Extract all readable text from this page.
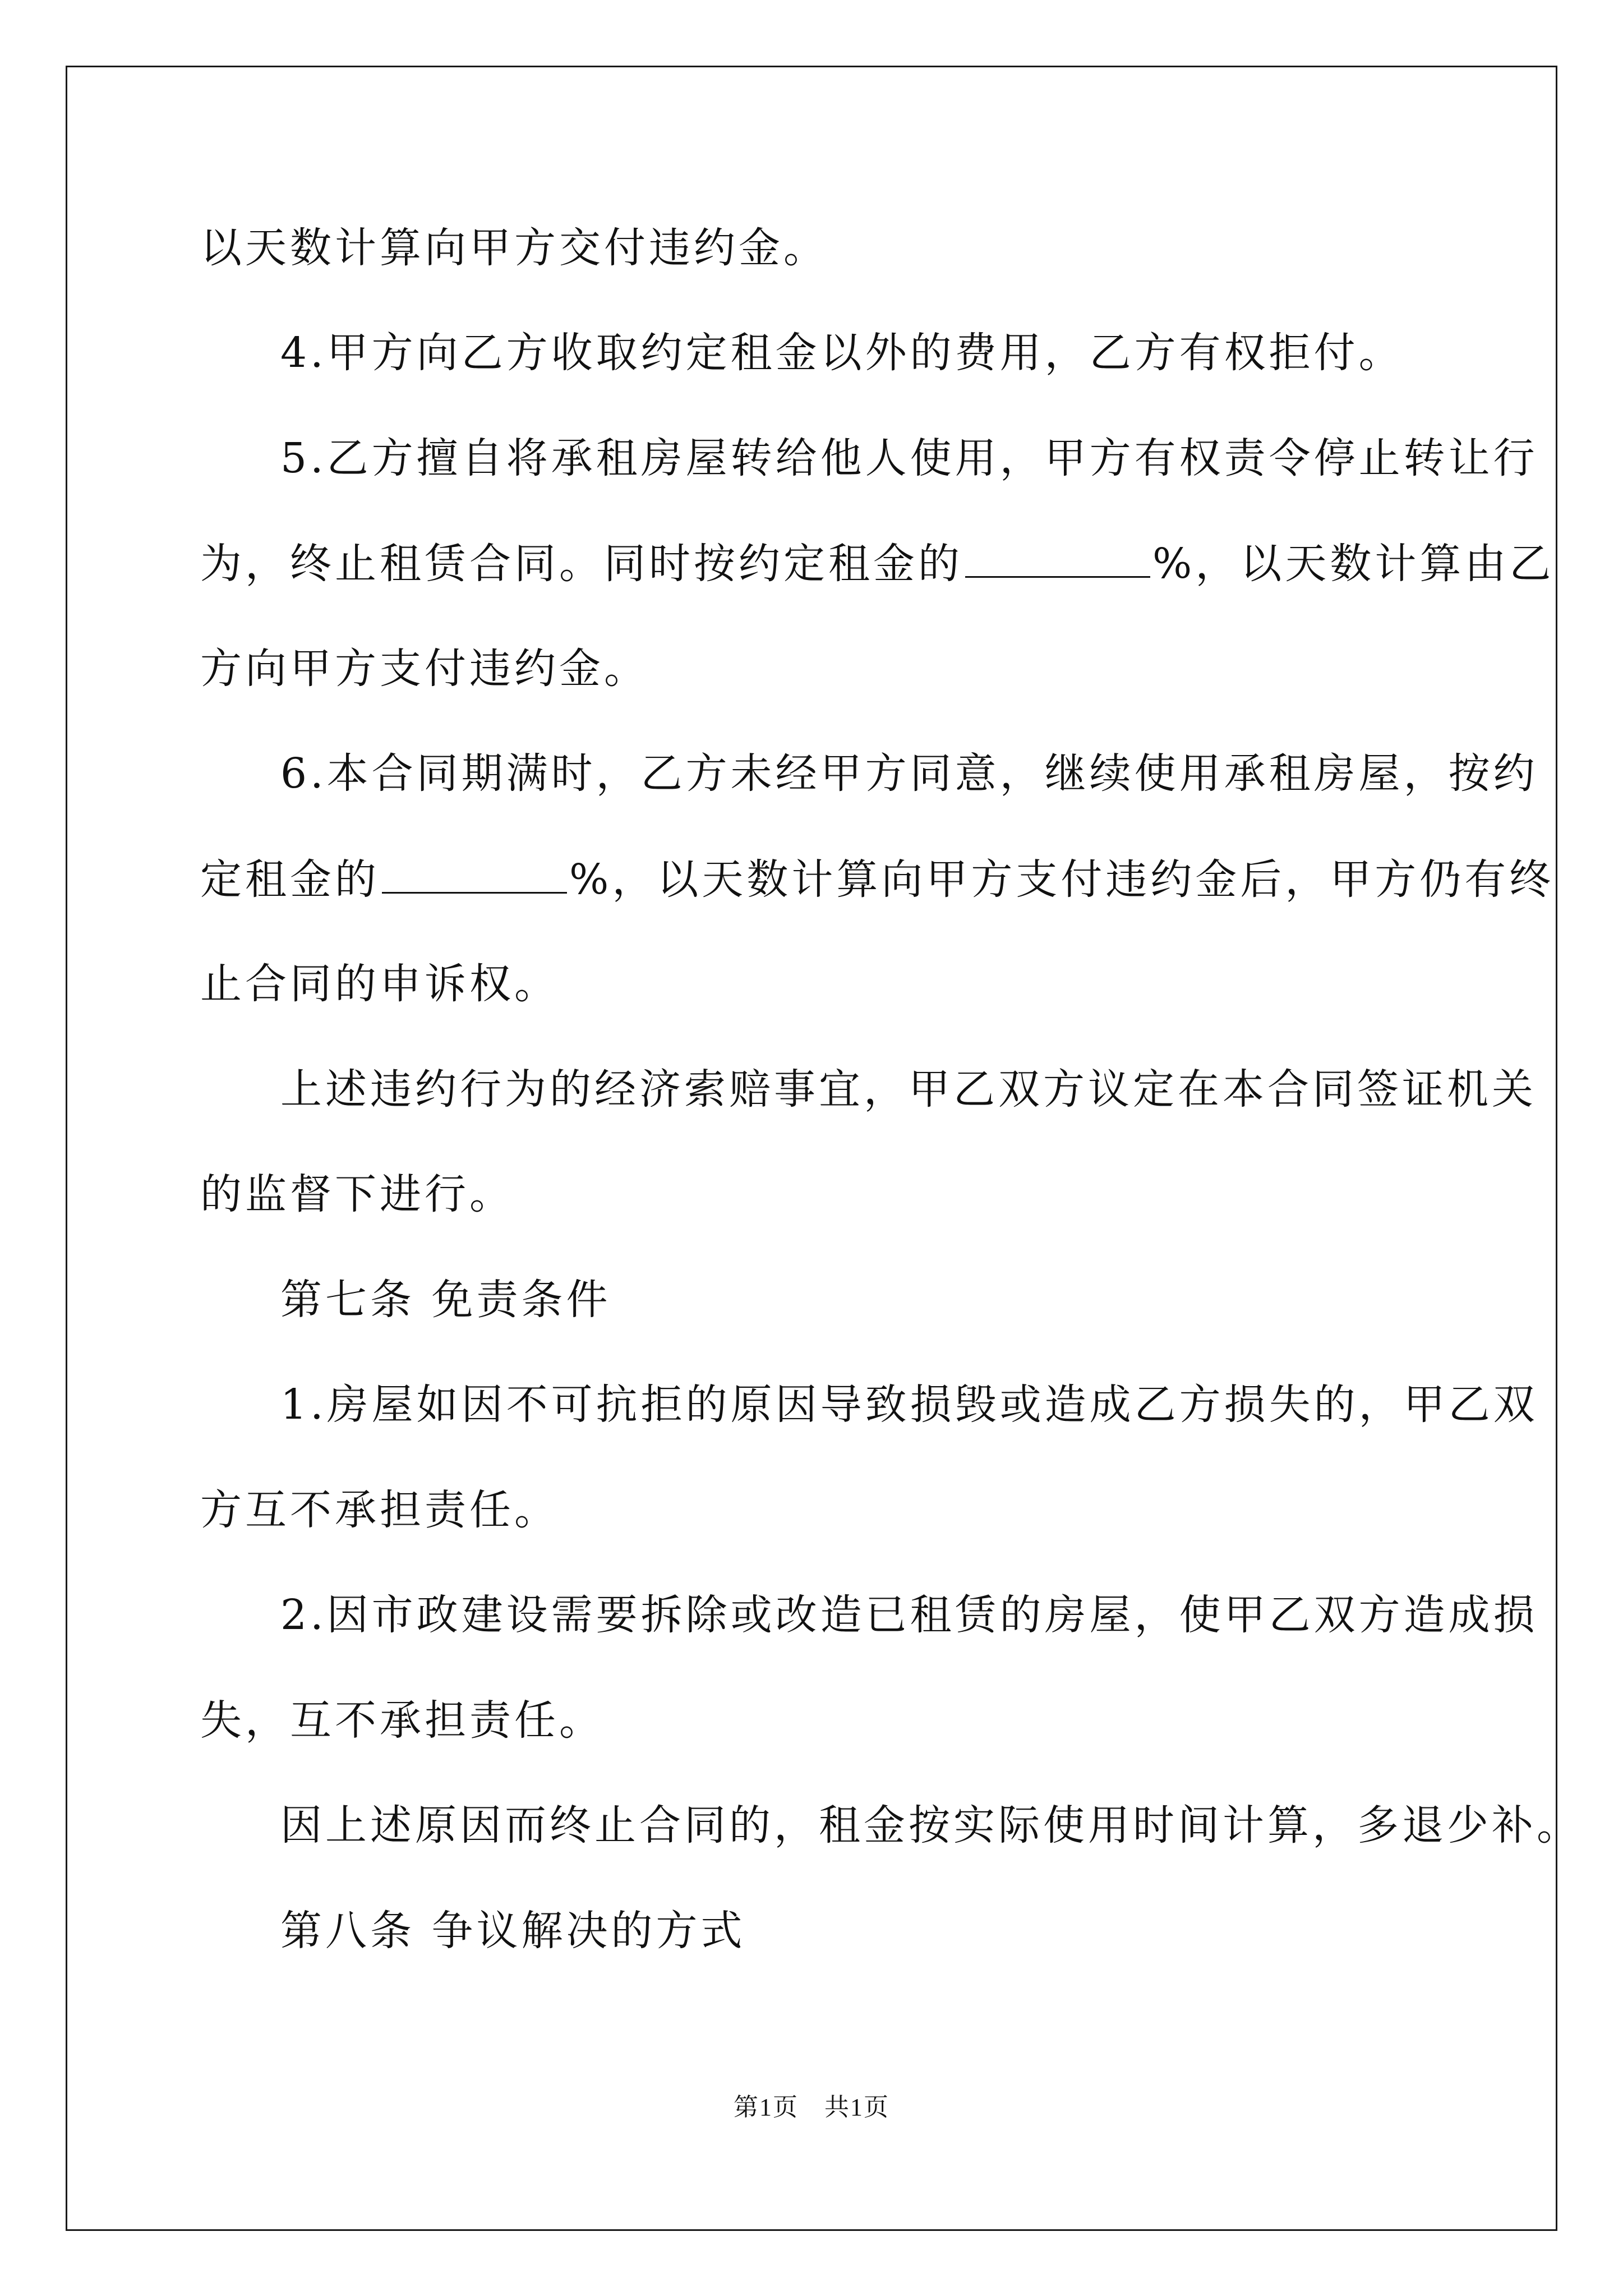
以天数计算向甲方交付违约金。
4.甲方向乙方收取约定租金以外的费用，乙方有权拒付。
5.乙方擅自将承租房屋转给他人使用，甲方有权责令停止转让行
为，终止租赁合同。同时按约定租金的	%，以天数计算由乙
方向甲方支付违约金。
6.本合同期满时，乙方未经甲方同意，继续使用承租房屋，按约
定租金的	%，以天数计算向甲方支付违约金后，甲方仍有终
止合同的申诉权。
上述违约行为的经济索赔事宜，甲乙双方议定在本合同签证机关
的监督下进行。
第七条 免责条件
1.房屋如因不可抗拒的原因导致损毁或造成乙方损失的，甲乙双
方互不承担责任。
2.因市政建设需要拆除或改造已租赁的房屋，使甲乙双方造成损
失，互不承担责任。
因上述原因而终止合同的，租金按实际使用时间计算，多退少补。
第八条 争议解决的方式
第1页　共1页
